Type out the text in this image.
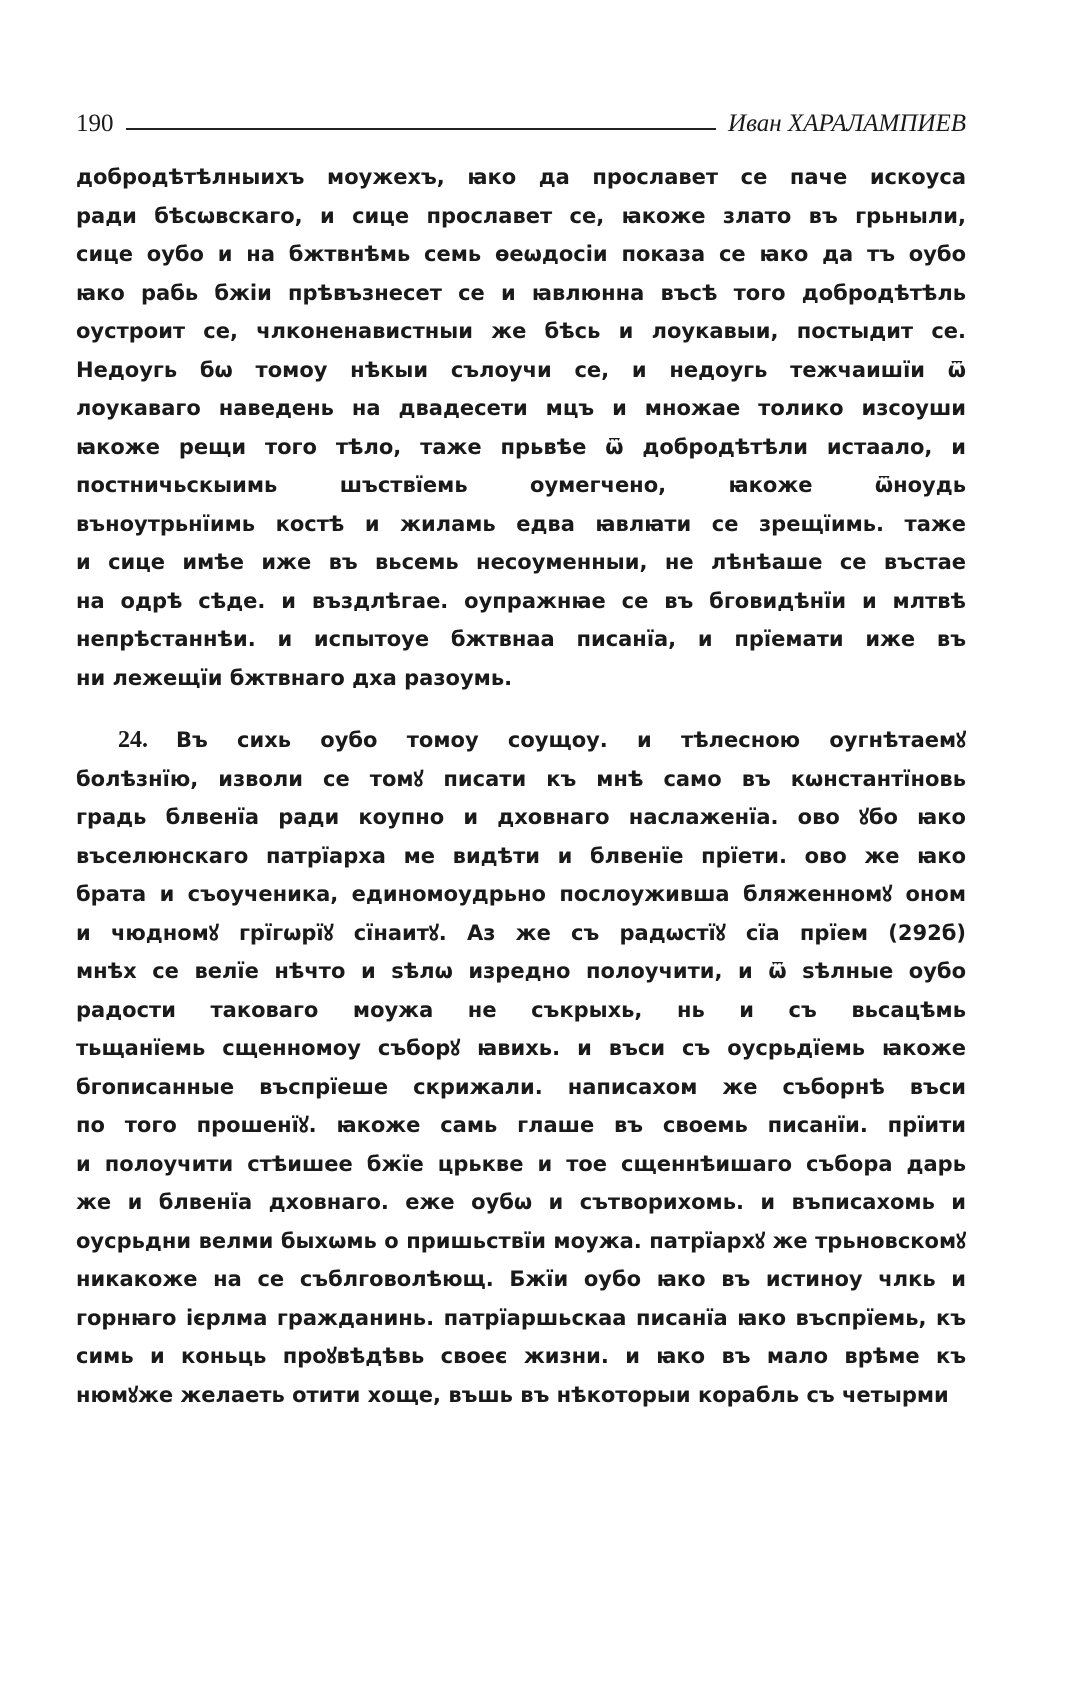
190	Иван ХАРАЛАМПИЕВ
добродѣтѣлныихъ моужехъ, ꙗко да прославет се паче искоуса
ради бѣсѡвскаго, и сице прославет се, ꙗкоже злато въ грьныли,
сице оубо и на бжтвнѣмь семь ѳеѡдосіи показа се ꙗко да тъ оубо
ꙗко рабь бжіи прѣвъзнесет се и ꙗвлюнна въсѣ того добродѣтѣль
оустроит се, члконенавистныи же бѣсь и лоукавыи, постыдит се.
Недоугь бѡ томоу нѣкыи сълоучи се, и недоугь тежчаишїи ѿ
лоукаваго наведень на двадесети мцъ и множае толико изсоуши
ꙗкоже рещи того тѣло, таже прьвѣе ѿ добродѣтѣли истаало, и
постничьскыимь шъствїемь оумегчено, ꙗкоже ѿноудь
въноутрьнїимь костѣ и жиламь едва ꙗвлꙗти се зрещїимь. таже
и сице имѣе иже въ вьсемь несоуменныи, не лѣнѣаше се въстае
на одрѣ сѣде. и въздлѣгае. оупражнꙗе се въ бговидѣнїи и млтвѣ
непрѣстаннѣи. и испытоуе бжтвнаа писанїа, и прїемати иже въ
ни лежещїи бжтвнаго дха разоумь.
24. Въ сихь оубо томоу соущоу. и тѣлесною оугнѣтаемꙋ
болѣзнїю, изволи се томꙋ писати къ мнѣ само въ кѡнстантїновь
градь блвенїа ради коупно и дховнаго наслаженїа. ово ꙋбо ꙗко
въселюнскаго патрїарха ме видѣти и блвенїе прїети. ово же ꙗко
брата и съоученика, единомоудрьно послоуживша бляженномꙋ оном
и чюдномꙋ грїгѡрїꙋ сїнаитꙋ. Аз же съ радѡстїꙋ сїа прїем (292б)
мнѣх се велїе нѣчто и ѕѣлѡ изредно полоучити, и ѿ ѕѣлные оубо
радости таковаго моужа не съкрыхь, нь и съ вьсацѣмь
тьщанїемь сщенномоу съборꙋ ꙗвихь. и въси съ оусрьдїемь ꙗкоже
бгописанные въспрїеше скрижали. написахом же съборнѣ въси
по того прошенїꙋ. ꙗкоже самь глаше въ своемь писанїи. прїити
и полоучити стѣишее бжїе црькве и тое сщеннѣишаго събора дарь
же и блвенїа дховнаго. еже оубѡ и сътворихомь. и въписахомь и
оусрьдни велми быхѡмь о пришьствїи моужа. патрїархꙋ же трьновскомꙋ
никакоже на се съблговолѣющ. Бжїи оубо ꙗко въ истиноу члкь и
горнꙗго ієрлма гражданинь. патрїаршьскаа писанїа ꙗко въспрїемь, къ
симь и коньць проꙋвѣдѣвь своеє жизни. и ꙗко въ мало врѣме къ
нюмꙋже желаеть отити хоще, въшь въ нѣкоторыи корабль съ четырми
